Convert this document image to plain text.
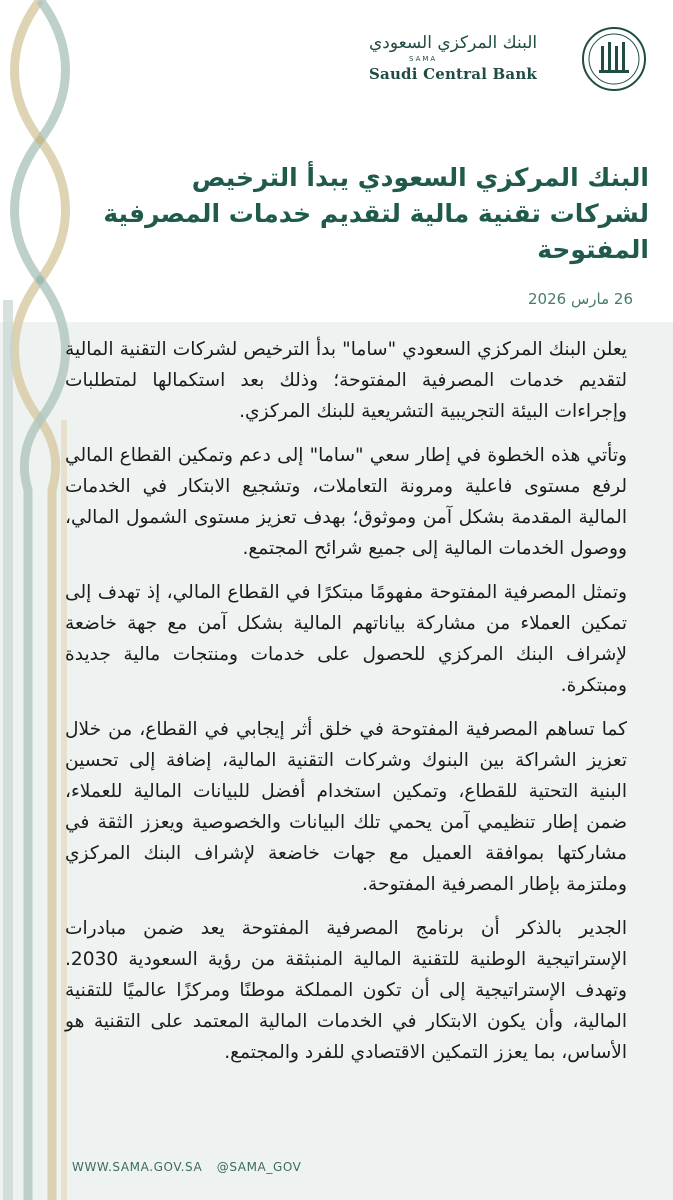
البنك المركزي السعودي
SAMA
Saudi Central Bank
البنك المركزي السعودي يبدأ الترخيص لشركات تقنية مالية لتقديم خدمات المصرفية المفتوحة
26 مارس 2026

يعلن البنك المركزي السعودي "ساما" بدأ الترخيص لشركات التقنية المالية لتقديم خدمات المصرفية المفتوحة؛ وذلك بعد استكمالها لمتطلبات وإجراءات البيئة التجريبية التشريعية للبنك المركزي.

وتأتي هذه الخطوة في إطار سعي "ساما" إلى دعم وتمكين القطاع المالي لرفع مستوى فاعلية ومرونة التعاملات، وتشجيع الابتكار في الخدمات المالية المقدمة بشكل آمن وموثوق؛ بهدف تعزيز مستوى الشمول المالي، ووصول الخدمات المالية إلى جميع شرائح المجتمع.

وتمثل المصرفية المفتوحة مفهومًا مبتكرًا في القطاع المالي، إذ تهدف إلى تمكين العملاء من مشاركة بياناتهم المالية بشكل آمن مع جهة خاضعة لإشراف البنك المركزي للحصول على خدمات ومنتجات مالية جديدة ومبتكرة.

كما تساهم المصرفية المفتوحة في خلق أثر إيجابي في القطاع، من خلال تعزيز الشراكة بين البنوك وشركات التقنية المالية، إضافة إلى تحسين البنية التحتية للقطاع، وتمكين استخدام أفضل للبيانات المالية للعملاء، ضمن إطار تنظيمي آمن يحمي تلك البيانات والخصوصية ويعزز الثقة في مشاركتها بموافقة العميل مع جهات خاضعة لإشراف البنك المركزي وملتزمة بإطار المصرفية المفتوحة.

الجدير بالذكر أن برنامج المصرفية المفتوحة يعد ضمن مبادرات الإستراتيجية الوطنية للتقنية المالية المنبثقة من رؤية السعودية 2030. وتهدف الإستراتيجية إلى أن تكون المملكة موطنًا ومركزًا عالميًا للتقنية المالية، وأن يكون الابتكار في الخدمات المالية المعتمد على التقنية هو الأساس، بما يعزز التمكين الاقتصادي للفرد والمجتمع.

WWW.SAMA.GOV.SA @SAMA_GOV
